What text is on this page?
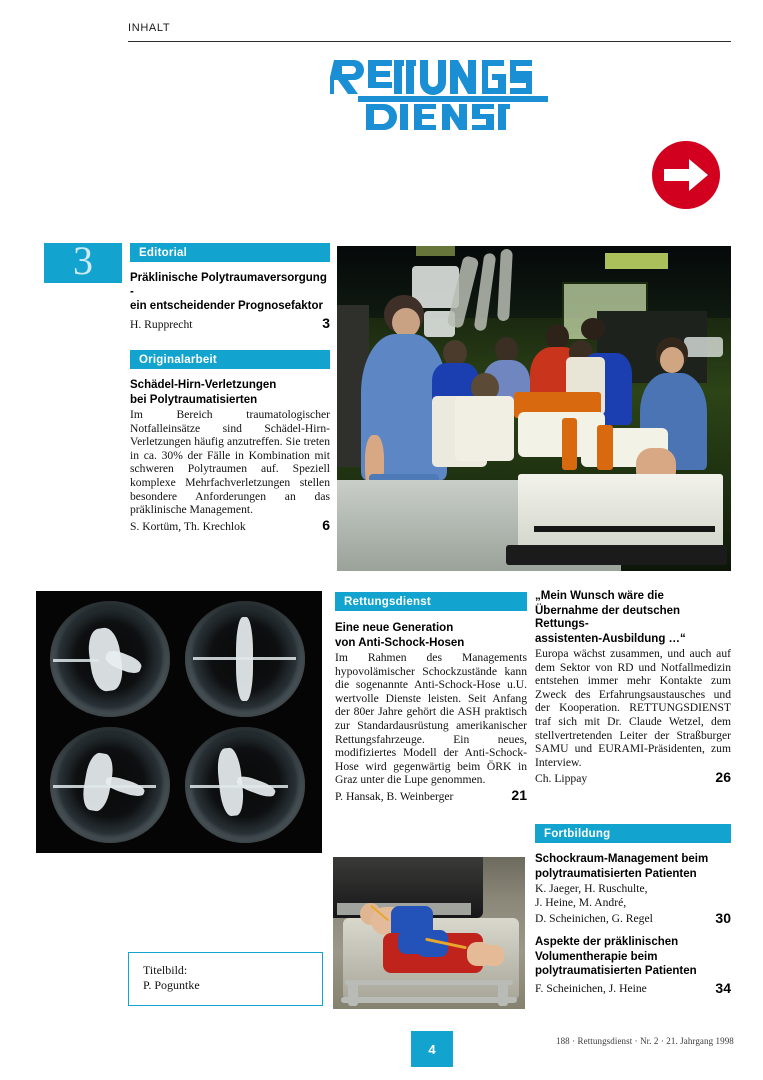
INHALT
3	Editorial

Präklinische Polytraumaversorgung -

ein entscheidender Prognosefaktor

H. Rupprecht	3
Originalarbeit

Schädel-Hirn-Verletzungen

bei Polytraumatisierten

Im Bereich traumatologischer Notfalleinsätze sind Schädel-Hirn-Verletzungen häufig anzutreffen. Sie treten in ca. 30% der Fälle in Kombination mit schweren Polytraumen auf. Speziell komplexe Mehrfachverletzungen stellen besondere Anforderungen an das präklinische Management.

S. Kortüm, Th. Krechlok	6
Rettungsdienst

Eine neue Generation

von Anti-Schock-Hosen

Im Rahmen des Managements hypovolämischer Schockzustände kann die sogenannte Anti-Schock-Hose u.U. wertvolle Dienste leisten. Seit Anfang der 80er Jahre gehört die ASH praktisch zur Standardausrüstung amerikanischer Rettungsfahrzeuge. Ein neues, modifiziertes Modell der Anti-Schock-Hose wird gegenwärtig beim ÖRK in Graz unter die Lupe genommen.

P. Hansak, B. Weinberger	21

„Mein Wunsch wäre die

Übernahme der deutschen Rettungs-

assistenten-Ausbildung …“

Europa wächst zusammen, und auch auf dem Sektor von RD und Notfallmedizin entstehen immer mehr Kontakte zum Zweck des Erfahrungsaustausches und der Kooperation. RETTUNGSDIENST traf sich mit Dr. Claude Wetzel, dem stellvertretenden Leiter der Straßburger SAMU und EURAMI-Präsidenten, zum Interview.

Ch. Lippay	26
Fortbildung

Schockraum-Management beim

polytraumatisierten Patienten

K. Jaeger, H. Ruschulte,
J. Heine, M. André,
D. Scheinichen, G. Regel	30

Aspekte der präklinischen

Volumentherapie beim

polytraumatisierten Patienten

F. Scheinichen, J. Heine	34
Titelbild:
P. Poguntke
4
188 · Rettungsdienst · Nr. 2 · 21. Jahrgang 1998
